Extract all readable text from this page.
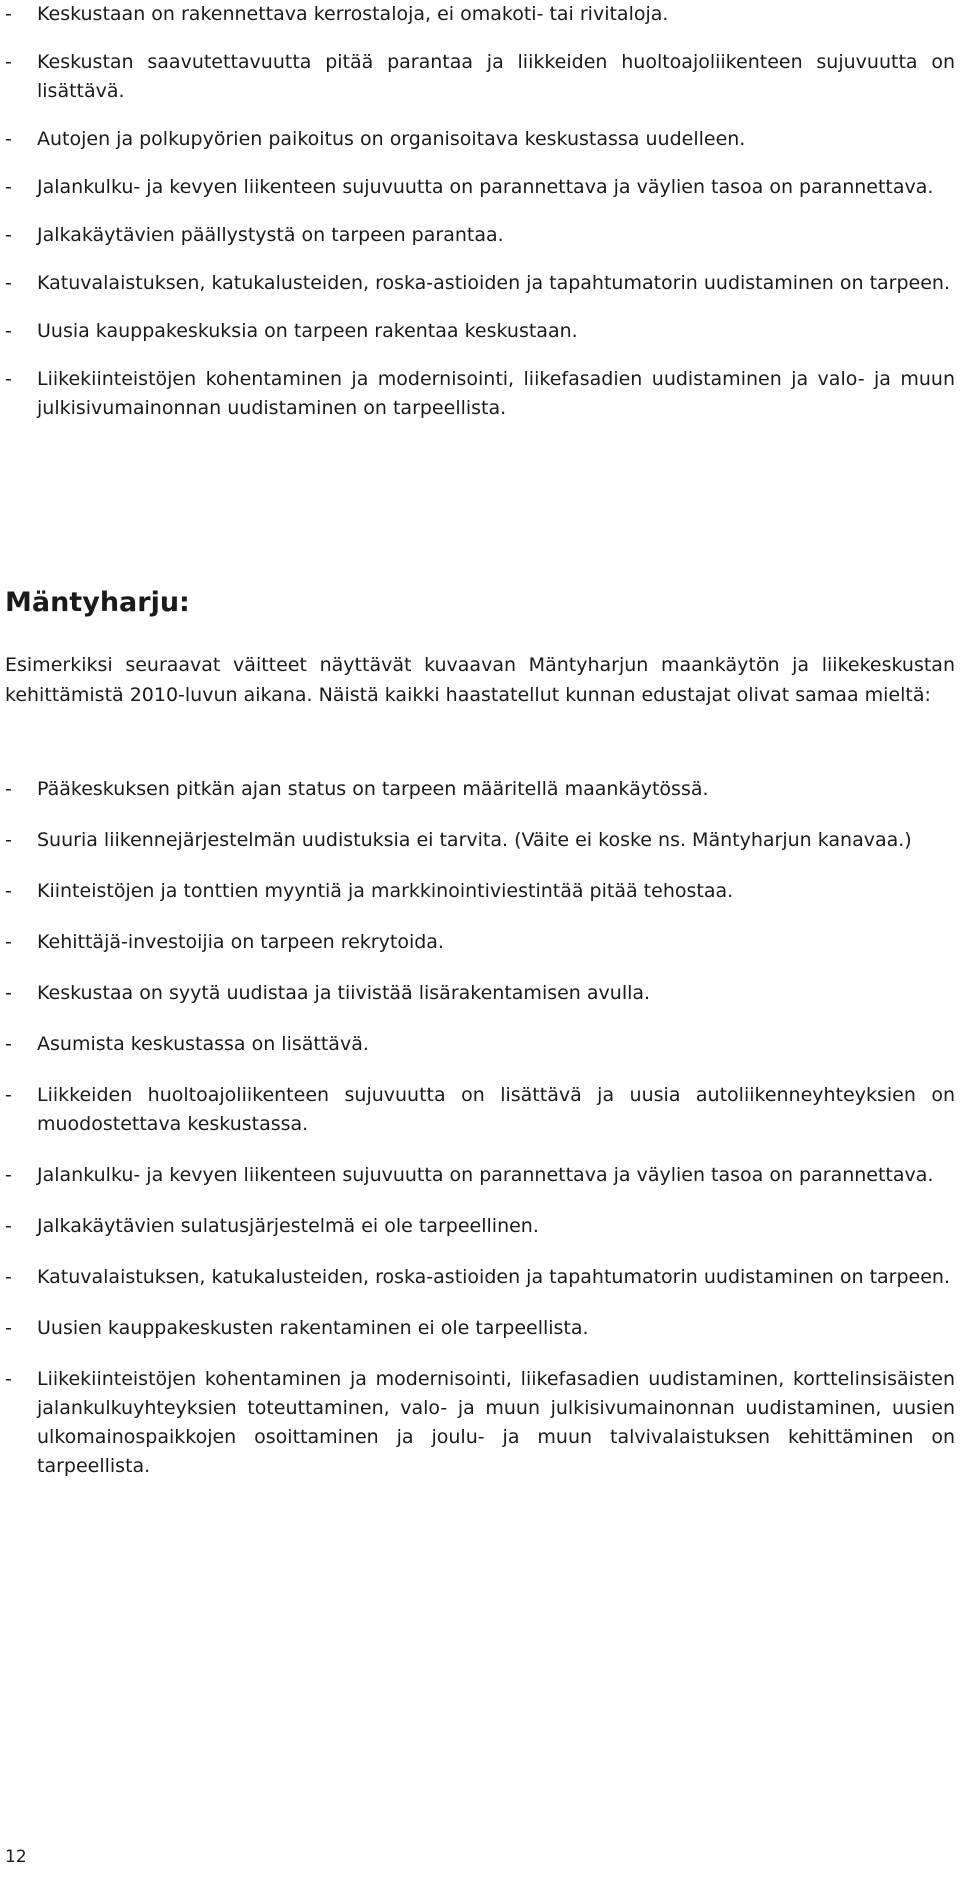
- Keskustaan on rakennettava kerrostaloja, ei omakoti- tai rivitaloja.
- Keskustan saavutettavuutta pitää parantaa ja liikkeiden huoltoajoliikenteen sujuvuutta on lisättävä.
- Autojen ja polkupyörien paikoitus on organisoitava keskustassa uudelleen.
- Jalankulku- ja kevyen liikenteen sujuvuutta on parannettava ja väylien tasoa on parannettava.
- Jalkakäytävien päällystystä on tarpeen parantaa.
- Katuvalaistuksen, katukalusteiden, roska-astioiden ja tapahtumatorin uudistaminen on tarpeen.
- Uusia kauppakeskuksia on tarpeen rakentaa keskustaan.
- Liikekiinteistöjen kohentaminen ja modernisointi, liikefasadien uudistaminen ja valo- ja muun julkisivumainonnan uudistaminen on tarpeellista.
Mäntyharju:

Esimerkiksi seuraavat väitteet näyttävät kuvaavan Mäntyharjun maankäytön ja liikekeskustan kehittämistä 2010-luvun aikana. Näistä kaikki haastatellut kunnan edustajat olivat samaa mieltä:

- Pääkeskuksen pitkän ajan status on tarpeen määritellä maankäytössä.
- Suuria liikennejärjestelmän uudistuksia ei tarvita. (Väite ei koske ns. Mäntyharjun kanavaa.)
- Kiinteistöjen ja tonttien myyntiä ja markkinointiviestintää pitää tehostaa.
- Kehittäjä-investoijia on tarpeen rekrytoida.
- Keskustaa on syytä uudistaa ja tiivistää lisärakentamisen avulla.
- Asumista keskustassa on lisättävä.
- Liikkeiden huoltoajoliikenteen sujuvuutta on lisättävä ja uusia autoliikenneyhteyksien on muodostettava keskustassa.
- Jalankulku- ja kevyen liikenteen sujuvuutta on parannettava ja väylien tasoa on parannettava.
- Jalkakäytävien sulatusjärjestelmä ei ole tarpeellinen.
- Katuvalaistuksen, katukalusteiden, roska-astioiden ja tapahtumatorin uudistaminen on tarpeen.
- Uusien kauppakeskusten rakentaminen ei ole tarpeellista.
- Liikekiinteistöjen kohentaminen ja modernisointi, liikefasadien uudistaminen, korttelinsisäisten jalankulkuyhteyksien toteuttaminen, valo- ja muun julkisivumainonnan uudistaminen, uusien ulkomainospaikkojen osoittaminen ja joulu- ja muun talvivalaistuksen kehittäminen on tarpeellista.
12
